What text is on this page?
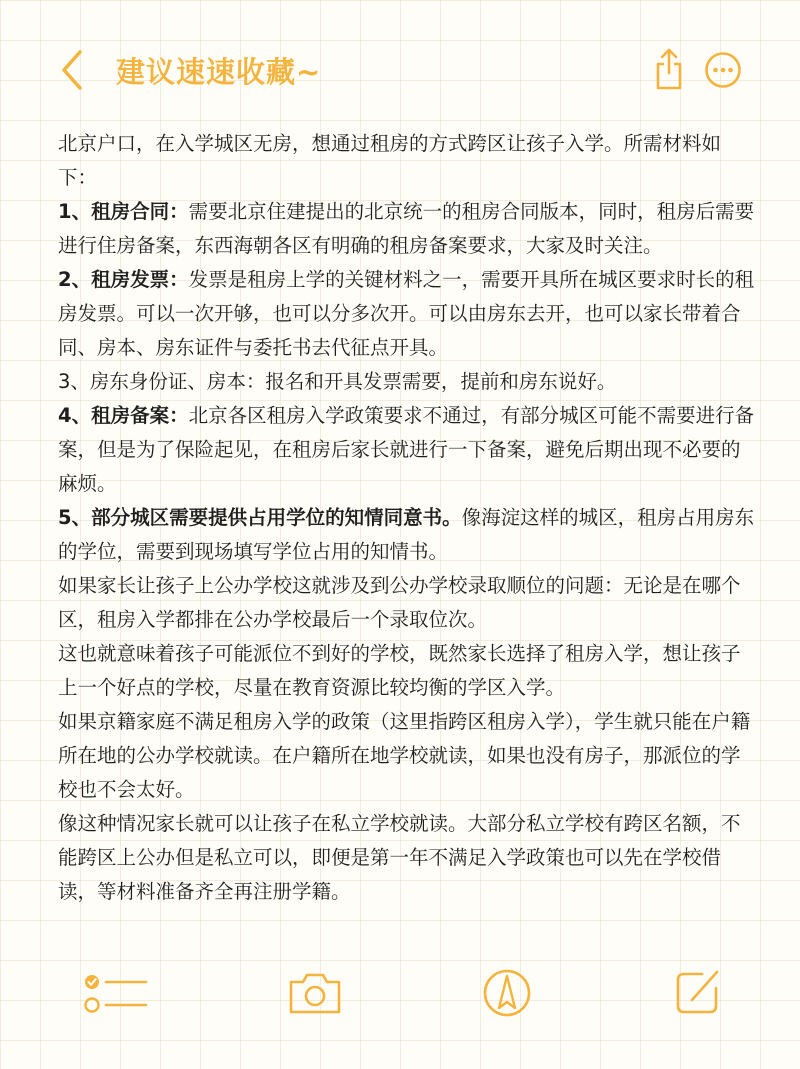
建议速速收藏~

北京户口，在入学城区无房，想通过租房的方式跨区让孩子入学。所需材料如下：

1、租房合同：需要北京住建提出的北京统一的租房合同版本，同时，租房后需要进行住房备案，东西海朝各区有明确的租房备案要求，大家及时关注。

2、租房发票：发票是租房上学的关键材料之一，需要开具所在城区要求时长的租房发票。可以一次开够，也可以分多次开。可以由房东去开，也可以家长带着合同、房本、房东证件与委托书去代征点开具。

3、房东身份证、房本：报名和开具发票需要，提前和房东说好。

4、租房备案：北京各区租房入学政策要求不通过，有部分城区可能不需要进行备案，但是为了保险起见，在租房后家长就进行一下备案，避免后期出现不必要的麻烦。

5、部分城区需要提供占用学位的知情同意书。像海淀这样的城区，租房占用房东的学位，需要到现场填写学位占用的知情书。

如果家长让孩子上公办学校这就涉及到公办学校录取顺位的问题：无论是在哪个区，租房入学都排在公办学校最后一个录取位次。

这也就意味着孩子可能派位不到好的学校，既然家长选择了租房入学，想让孩子上一个好点的学校，尽量在教育资源比较均衡的学区入学。

如果京籍家庭不满足租房入学的政策（这里指跨区租房入学），学生就只能在户籍所在地的公办学校就读。在户籍所在地学校就读，如果也没有房子，那派位的学校也不会太好。

像这种情况家长就可以让孩子在私立学校就读。大部分私立学校有跨区名额，不能跨区上公办但是私立可以，即便是第一年不满足入学政策也可以先在学校借读，等材料准备齐全再注册学籍。
